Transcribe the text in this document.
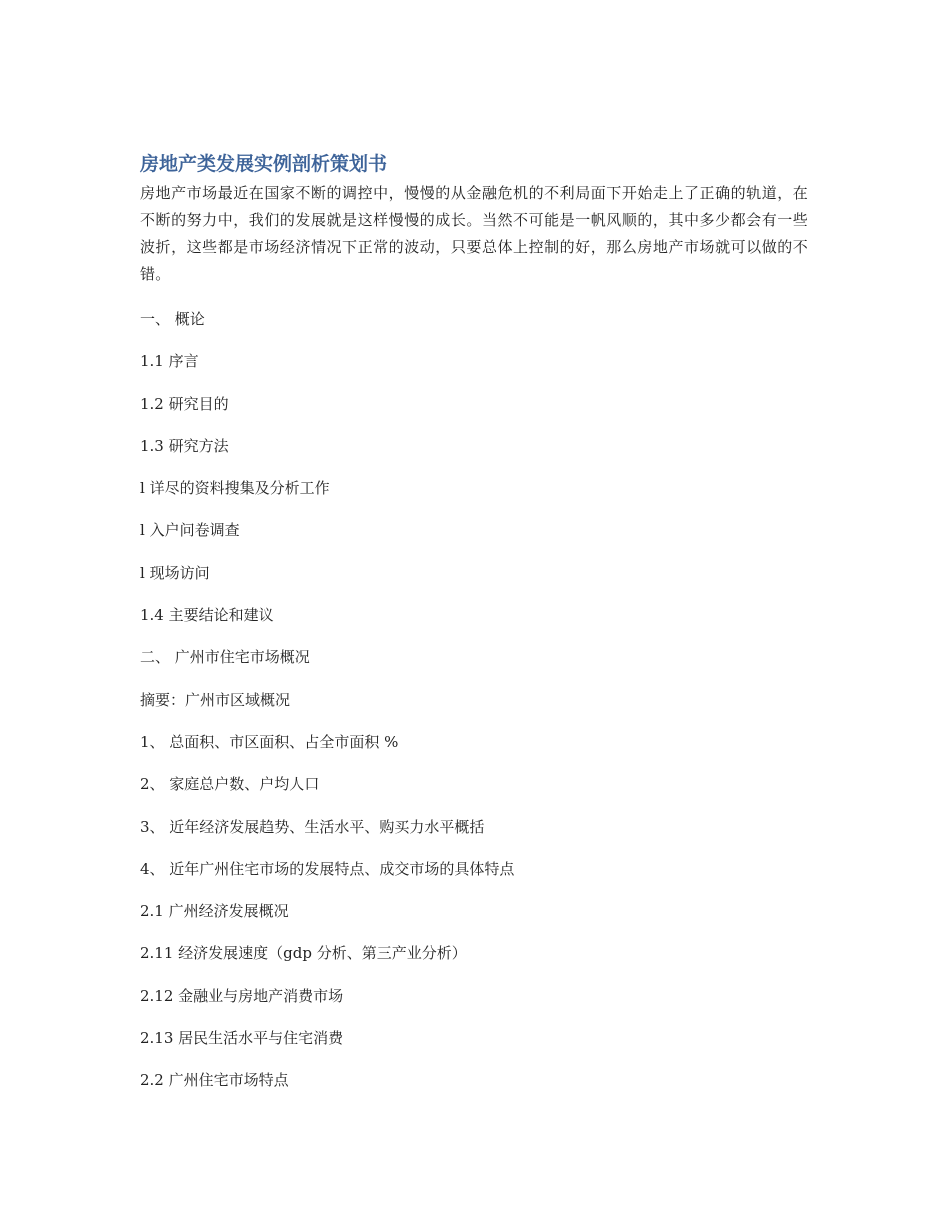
房地产类发展实例剖析策划书

房地产市场最近在国家不断的调控中，慢慢的从金融危机的不利局面下开始走上了正确的轨道，在不断的努力中，我们的发展就是这样慢慢的成长。当然不可能是一帆风顺的，其中多少都会有一些波折，这些都是市场经济情况下正常的波动，只要总体上控制的好，那么房地产市场就可以做的不错。

一、 概论

1.1 序言

1.2 研究目的

1.3 研究方法

l 详尽的资料搜集及分析工作

l 入户问卷调查

l 现场访问

1.4 主要结论和建议

二、 广州市住宅市场概况

摘要：广州市区域概况

1、 总面积、市区面积、占全市面积 %

2、 家庭总户数、户均人口

3、 近年经济发展趋势、生活水平、购买力水平概括

4、 近年广州住宅市场的发展特点、成交市场的具体特点

2.1 广州经济发展概况

2.11 经济发展速度（gdp 分析、第三产业分析）

2.12 金融业与房地产消费市场

2.13 居民生活水平与住宅消费

2.2 广州住宅市场特点
